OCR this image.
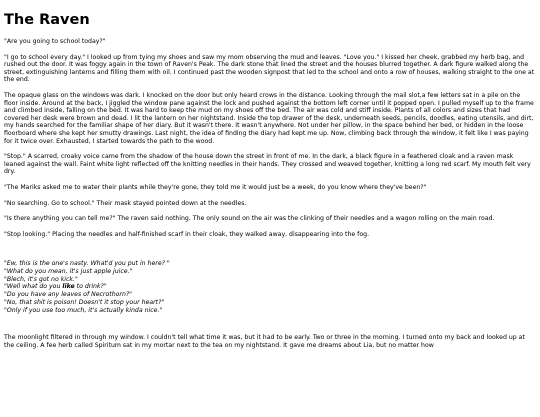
The Raven

"Are you going to school today?"

"I go to school every day." I looked up from tying my shoes and saw my mom observing the mud and leaves. "Love you." I kissed her cheek, grabbed my herb bag, and rushed out the door. It was foggy again in the town of Raven's Peak. The dark stone that lined the street and the houses blurred together. A dark figure walked along the street, extinguishing lanterns and filling them with oil. I continued past the wooden signpost that led to the school and onto a row of houses, walking straight to the one at the end.

The opaque glass on the windows was dark. I knocked on the door but only heard crows in the distance. Looking through the mail slot,a few letters sat in a pile on the floor inside. Around at the back, I jiggled the window pane against the lock and pushed against the bottom left corner until it popped open. I pulled myself up to the frame and climbed inside, falling on the bed. It was hard to keep the mud on my shoes off the bed. The air was cold and stiff inside. Plants of all colors and sizes that had covered her desk were brown and dead. I lit the lantern on her nightstand. Inside the top drawer of the desk, underneath seeds, pencils, doodles, eating utensils, and dirt, my hands searched for the familiar shape of her diary. But it wasn't there. It wasn't anywhere. Not under her pillow, in the space behind her bed, or hidden in the loose floorboard where she kept her smutty drawings. Last night, the idea of finding the diary had kept me up. Now, climbing back through the window, it felt like I was paying for it twice over. Exhausted, I started towards the path to the wood.

"Stop." A scarred, croaky voice came from the shadow of the house down the street in front of me. In the dark, a black figure in a feathered cloak and a raven mask leaned against the wall. Faint white light reflected off the knitting needles in their hands. They crossed and weaved together, knitting a long red scarf. My mouth felt very dry.

"The Mariks asked me to water their plants while they're gone, they told me it would just be a week, do you know where they've been?"

"No searching. Go to school." Their mask stayed pointed down at the needles.

"Is there anything you can tell me?" The raven said nothing. The only sound on the air was the clinking of their needles and a wagon rolling on the main road.

"Stop looking." Placing the needles and half-finished scarf in their cloak, they walked away, disappearing into the fog.

"Ew, this is the one's nasty. What'd you put in here? "
"What do you mean, it's just apple juice."
"Blech, it's got no kick."
"Well what do you like to drink?"
"Do you have any leaves of Necrothorn?"
"No, that shit is poison! Doesn't it stop your heart?"
"Only if you use too much, it's actually kinda nice."

The moonlight filtered in through my window. I couldn't tell what time it was, but it had to be early. Two or three in the morning. I turned onto my back and looked up at the ceiling. A fee herb called Spiritum sat in my mortar next to the tea on my nightstand. It gave me dreams about Lia, but no matter how
